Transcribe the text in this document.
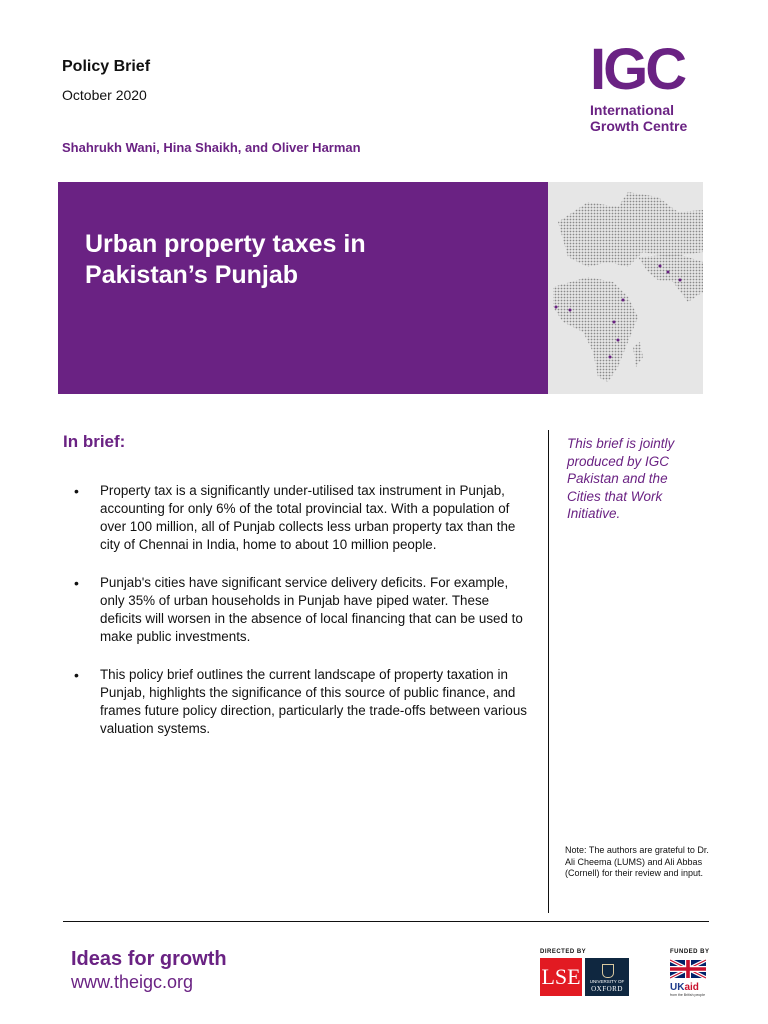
Policy Brief
October 2020
Shahrukh Wani, Hina Shaikh, and Oliver Harman
IGC
International
Growth Centre
Urban property taxes in
Pakistan’s Punjab
In brief:
• Property tax is a significantly under-utilised tax instrument in Punjab, accounting for only 6% of the total provincial tax. With a population of over 100 million, all of Punjab collects less urban property tax than the city of Chennai in India, home to about 10 million people.
• Punjab's cities have significant service delivery deficits. For example, only 35% of urban households in Punjab have piped water. These deficits will worsen in the absence of local financing that can be used to make public investments.
• This policy brief outlines the current landscape of property taxation in Punjab, highlights the significance of this source of public finance, and frames future policy direction, particularly the trade-offs between various valuation systems.
This brief is jointly produced by IGC Pakistan and the Cities that Work Initiative.
Note: The authors are grateful to Dr. Ali Cheema (LUMS) and Ali Abbas (Cornell) for their review and input.
Ideas for growth
www.theigc.org
DIRECTED BY
LSE	UNIVERSITY OF
OXFORD
FUNDED BY
UKaid
from the British people
